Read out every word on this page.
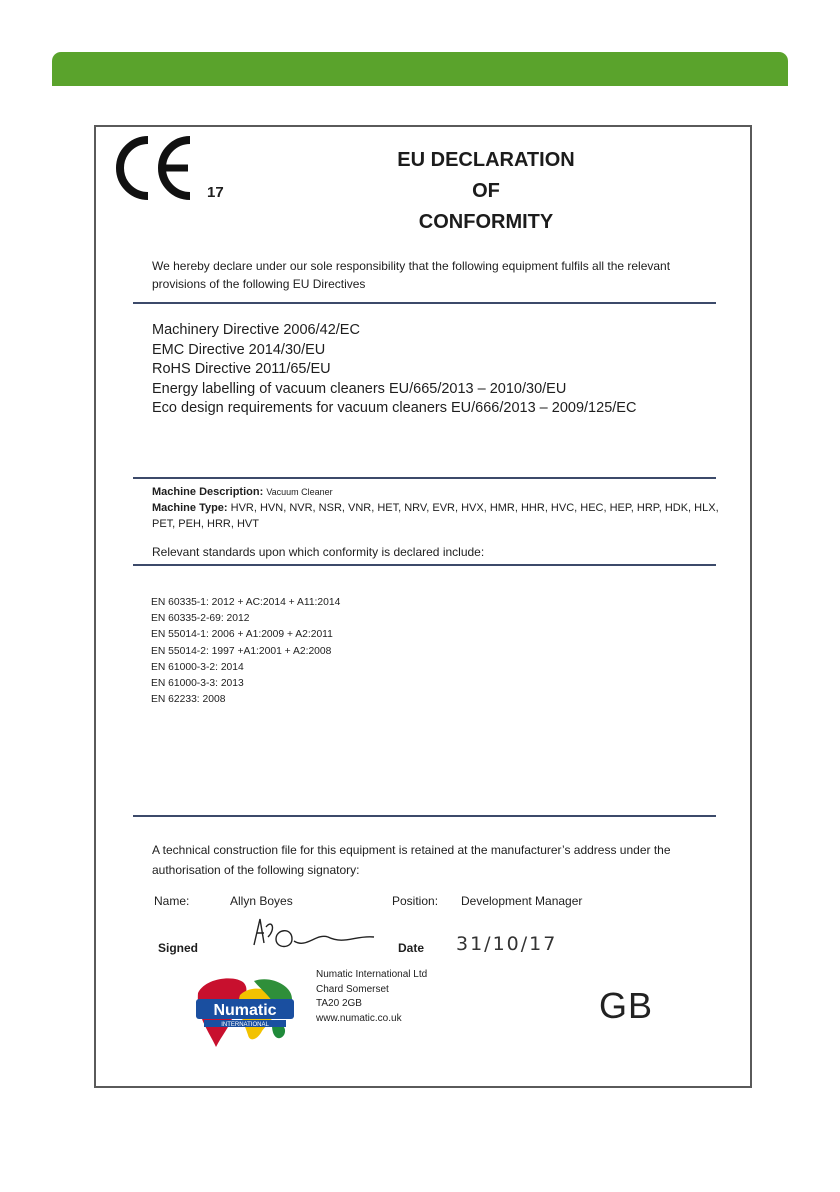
17
EU DECLARATION
OF
CONFORMITY
We hereby declare under our sole responsibility that the following equipment fulfils all the relevant provisions of the following EU Directives
Machinery Directive 2006/42/EC
EMC Directive 2014/30/EU
RoHS Directive 2011/65/EU
Energy labelling of vacuum cleaners EU/665/2013 – 2010/30/EU
Eco design requirements for vacuum cleaners EU/666/2013 – 2009/125/EC
Machine Description: Vacuum Cleaner
Machine Type: HVR, HVN, NVR, NSR, VNR, HET, NRV, EVR, HVX, HMR, HHR, HVC, HEC, HEP, HRP, HDK, HLX, PET, PEH, HRR, HVT
Relevant standards upon which conformity is declared include:
EN 60335-1: 2012 + AC:2014 + A11:2014
EN 60335-2-69: 2012
EN 55014-1: 2006 + A1:2009 + A2:2011
EN 55014-2: 1997 +A1:2001 + A2:2008
EN 61000-3-2: 2014
EN 61000-3-3: 2013
EN 62233: 2008
A technical construction file for this equipment is retained at the manufacturer’s address under the authorisation of the following signatory:
Name:	Allyn Boyes	Position: Development Manager
Signed	Date 31/10/17
Numatic
INTERNATIONAL
Numatic International Ltd
Chard Somerset
TA20 2GB
www.numatic.co.uk	GB
